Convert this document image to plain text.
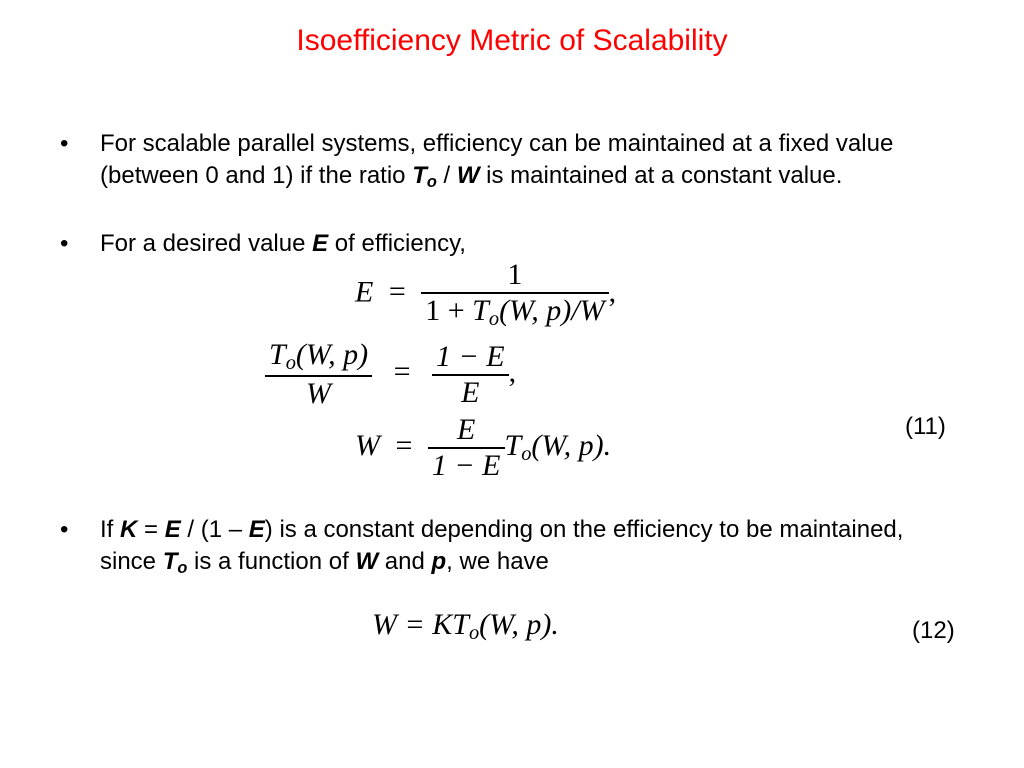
Isoefficiency Metric of Scalability
• For scalable parallel systems, efficiency can be maintained at a fixed value (between 0 and 1) if the ratio $T_o$ / W is maintained at a constant value.
• For a desired value E of efficiency,
$E = \frac{1}{1 + T_o(W, p)/W}$ ,
$\frac{T_o(W, p)}{W} = \frac{1 - E}{E}$ ,
$W = \frac{E}{1 - E} T_o(W$, p).
(11)
• If K = E / (1 – E) is a constant depending on the efficiency to be maintained, since $T_o$ is a function of W and p, we have
$W = KT_o(W$, p).	(12)
